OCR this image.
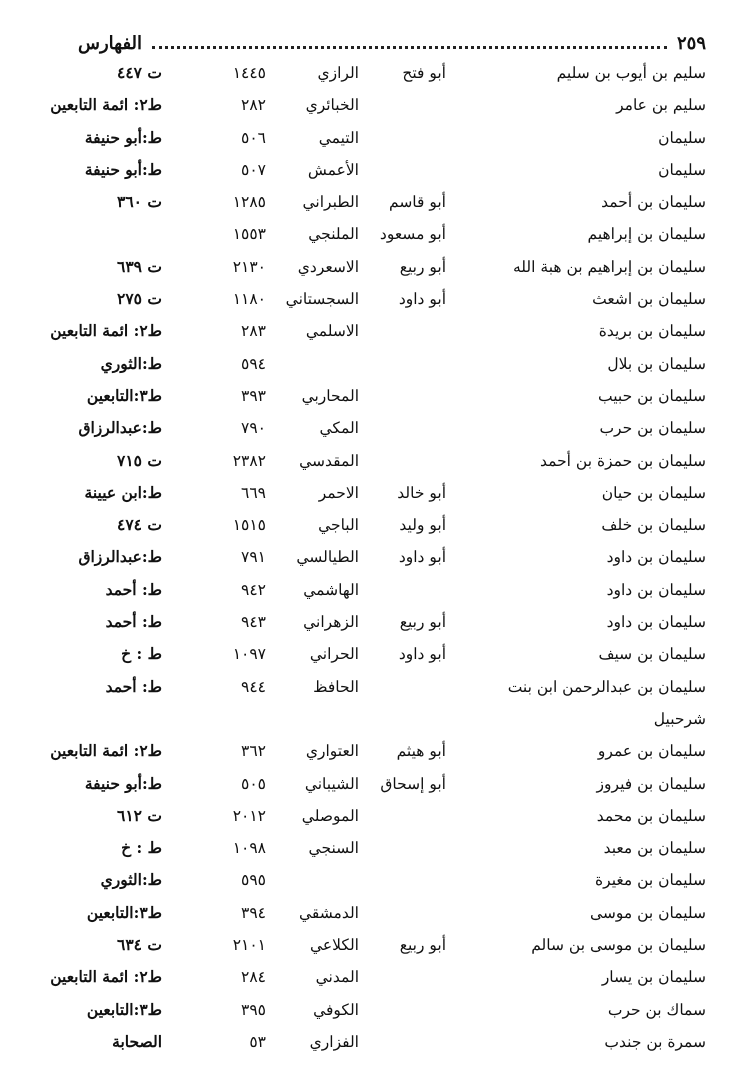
الفهارس	٢٥٩
سليم بن أيوب بن سليم
أبو فتح
الرازي
١٤٤٥
ت ٤٤٧
سليم بن عامر
الخبائري
٢٨٢
ط٢: ائمة التابعين
سليمان
التيمي
٥٠٦
ط:أبو حنيفة
سليمان
الأعمش
٥٠٧
ط:أبو حنيفة
سليمان بن أحمد
أبو قاسم
الطبراني
١٢٨٥
ت ٣٦٠
سليمان بن إبراهيم
أبو مسعود
الملنجي
١٥٥٣
سليمان بن إبراهيم بن هبة الله
أبو ربيع
الاسعردي
٢١٣٠
ت ٦٣٩
سليمان بن اشعث
أبو داود
السجستاني
١١٨٠
ت ٢٧٥
سليمان بن بريدة
الاسلمي
٢٨٣
ط٢: ائمة التابعين
سليمان بن بلال
٥٩٤
ط:الثوري
سليمان بن حبيب
المحاربي
٣٩٣
ط٣:التابعين
سليمان بن حرب
المكي
٧٩٠
ط:عبدالرزاق
سليمان بن حمزة بن أحمد
المقدسي
٢٣٨٢
ت ٧١٥
سليمان بن حيان
أبو خالد
الاحمر
٦٦٩
ط:ابن عيينة
سليمان بن خلف
أبو وليد
الباجي
١٥١٥
ت ٤٧٤
سليمان بن داود
أبو داود
الطيالسي
٧٩١
ط:عبدالرزاق
سليمان بن داود
الهاشمي
٩٤٢
ط: أحمد
سليمان بن داود
أبو ربيع
الزهراني
٩٤٣
ط: أحمد
سليمان بن سيف
أبو داود
الحراني
١٠٩٧
ط : خ
سليمان بن عبدالرحمن ابن بنت
الحافظ
٩٤٤
ط: أحمد
شرحبيل
سليمان بن عمرو
أبو هيثم
العتواري
٣٦٢
ط٢: ائمة التابعين
سليمان بن فيروز
أبو إسحاق
الشيباني
٥٠٥
ط:أبو حنيفة
سليمان بن محمد
الموصلي
٢٠١٢
ت ٦١٢
سليمان بن معبد
السنجي
١٠٩٨
ط : خ
سليمان بن مغيرة
٥٩٥
ط:الثوري
سليمان بن موسى
الدمشقي
٣٩٤
ط٣:التابعين
سليمان بن موسى بن سالم
أبو ربيع
الكلاعي
٢١٠١
ت ٦٣٤
سليمان بن يسار
المدني
٢٨٤
ط٢: ائمة التابعين
سماك بن حرب
الكوفي
٣٩٥
ط٣:التابعين
سمرة بن جندب
الفزاري
٥٣
الصحابة
